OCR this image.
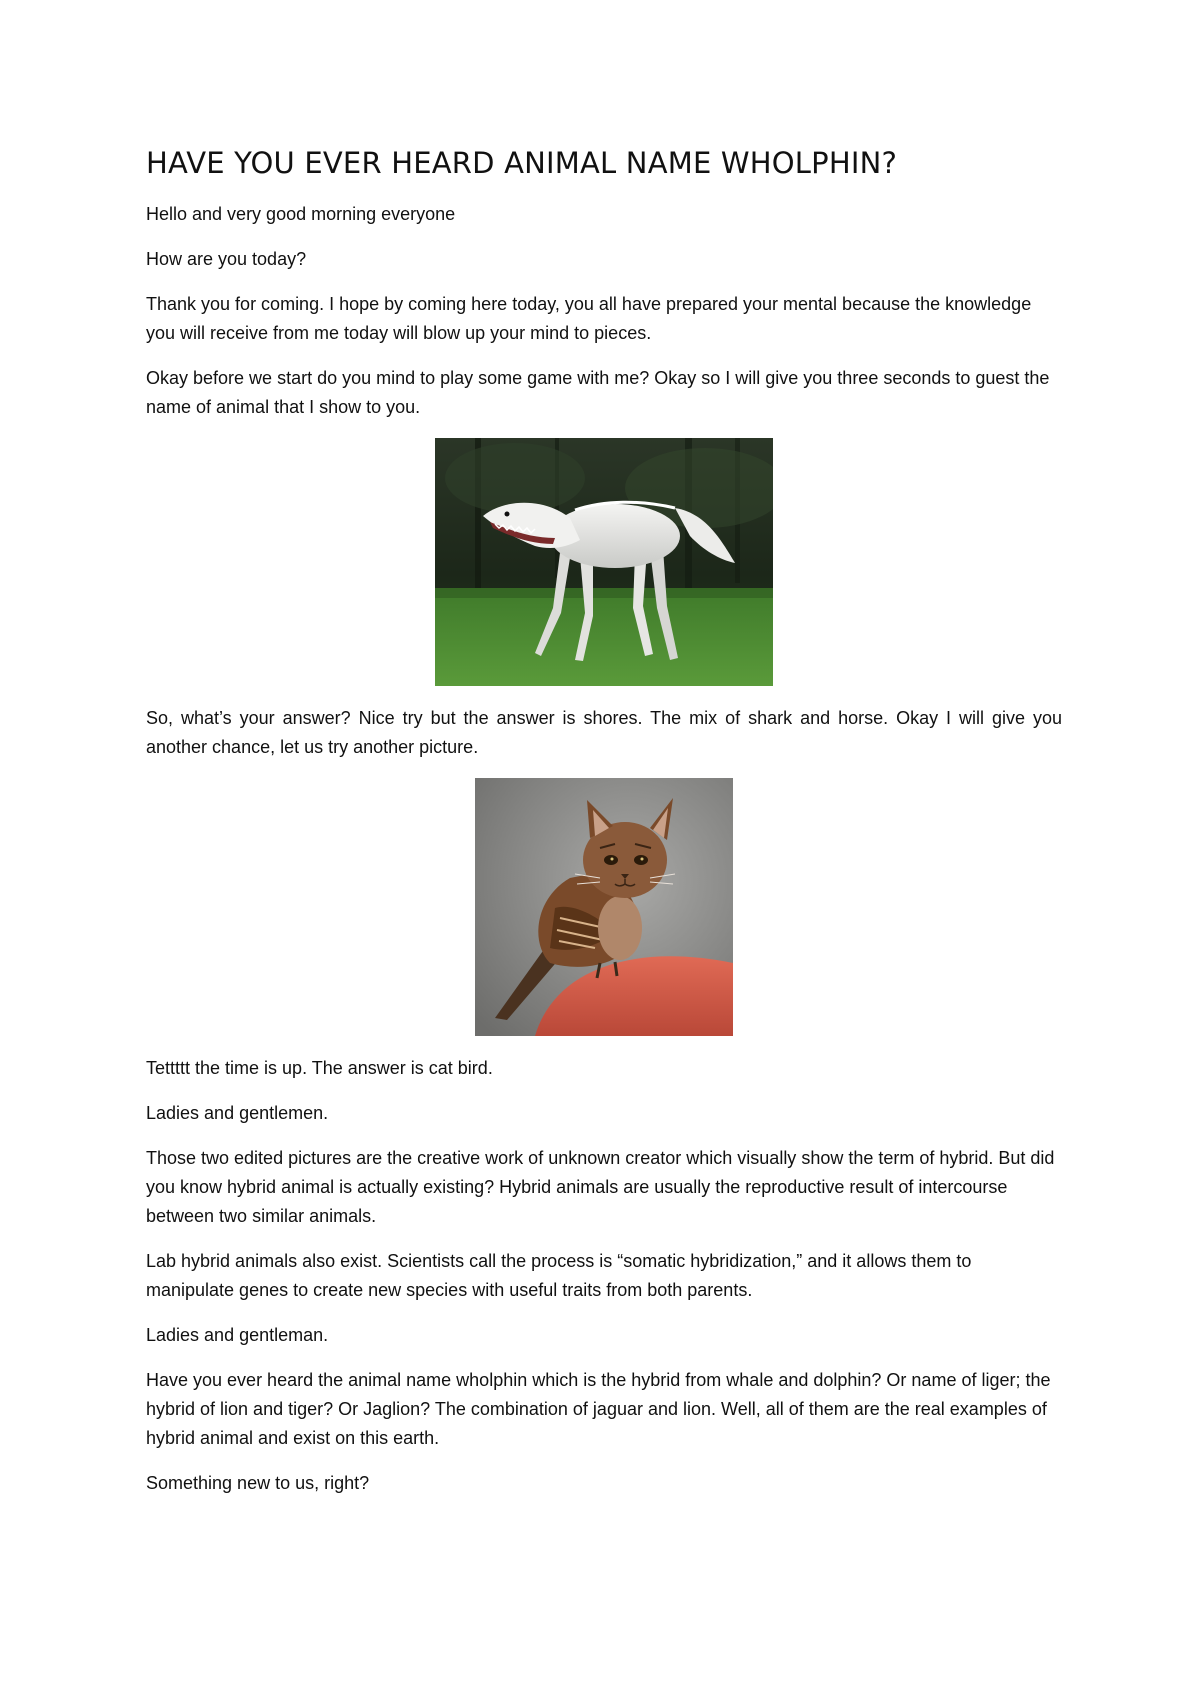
HAVE YOU EVER HEARD ANIMAL NAME WHOLPHIN?

Hello and very good morning everyone

How are you today?

Thank you for coming. I hope by coming here today, you all have prepared your mental because the knowledge you will receive from me today will blow up your mind to pieces.

Okay before we start do you mind to play some game with me? Okay so I will give you three seconds to guest the name of animal that I show to you.

So, what’s your answer? Nice try but the answer is shores. The mix of shark and horse. Okay I will give you another chance, let us try another picture.

Tettttt the time is up. The answer is cat bird.

Ladies and gentlemen.

Those two edited pictures are the creative work of unknown creator which visually show the term of hybrid. But did you know hybrid animal is actually existing? Hybrid animals are usually the reproductive result of intercourse between two similar animals.

Lab hybrid animals also exist. Scientists call the process is “somatic hybridization,” and it allows them to manipulate genes to create new species with useful traits from both parents.

Ladies and gentleman.

Have you ever heard the animal name wholphin which is the hybrid from whale and dolphin? Or name of liger; the hybrid of lion and tiger? Or Jaglion? The combination of jaguar and lion. Well, all of them are the real examples of hybrid animal and exist on this earth.

Something new to us, right?
